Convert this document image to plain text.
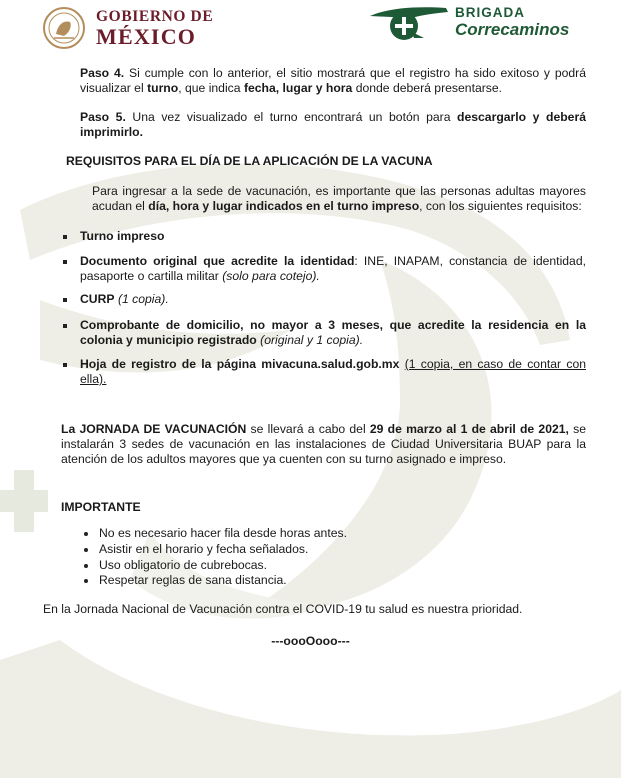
GOBIERNO DE
MÉXICO
BRIGADA
Correcaminos
Paso 4. Si cumple con lo anterior, el sitio mostrará que el registro ha sido exitoso y podrá visualizar el turno, que indica fecha, lugar y hora donde deberá presentarse.
Paso 5. Una vez visualizado el turno encontrará un botón para descargarlo y deberá imprimirlo.
REQUISITOS PARA EL DÍA DE LA APLICACIÓN DE LA VACUNA
Para ingresar a la sede de vacunación, es importante que las personas adultas mayores acudan el día, hora y lugar indicados en el turno impreso, con los siguientes requisitos:
Turno impreso
Documento original que acredite la identidad: INE, INAPAM, constancia de identidad, pasaporte o cartilla militar (solo para cotejo).
CURP (1 copia).
Comprobante de domicilio, no mayor a 3 meses, que acredite la residencia en la colonia y municipio registrado (original y 1 copia).
Hoja de registro de la página mivacuna.salud.gob.mx (1 copia, en caso de contar con ella).
La JORNADA DE VACUNACIÓN se llevará a cabo del 29 de marzo al 1 de abril de 2021, se instalarán 3 sedes de vacunación en las instalaciones de Ciudad Universitaria BUAP para la atención de los adultos mayores que ya cuenten con su turno asignado e impreso.
IMPORTANTE
No es necesario hacer fila desde horas antes.
Asistir en el horario y fecha señalados.
Uso obligatorio de cubrebocas.
Respetar reglas de sana distancia.
En la Jornada Nacional de Vacunación contra el COVID-19 tu salud es nuestra prioridad.
---oooOooo---
